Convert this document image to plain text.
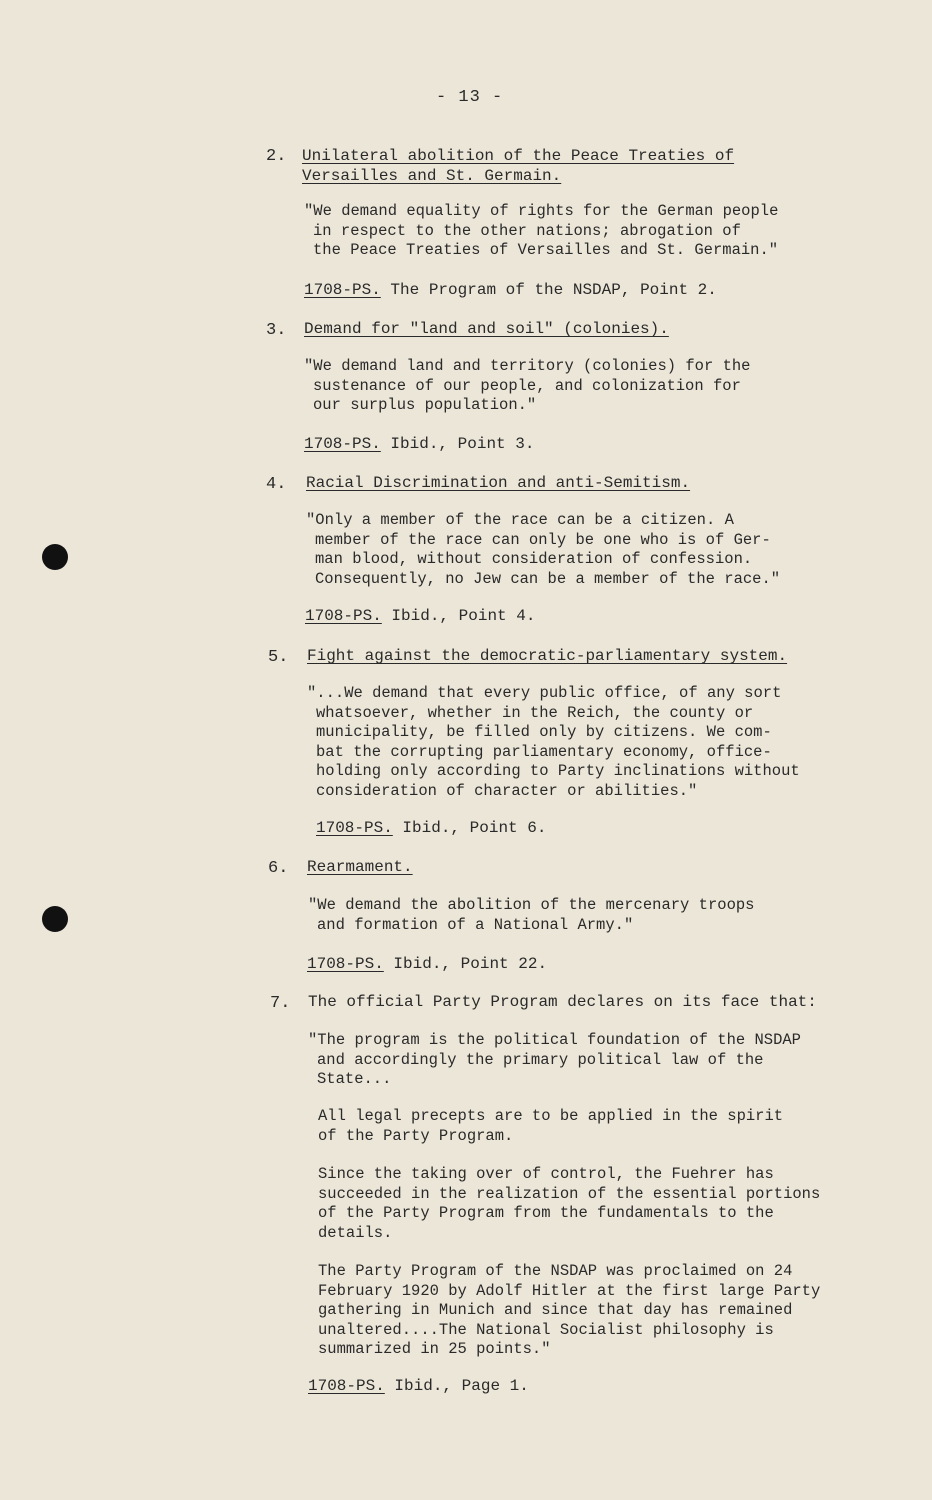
- 13 -
2. Unilateral abolition of the Peace Treaties of
Versailles and St. Germain.
"We demand equality of rights for the German people
in respect to the other nations; abrogation of
the Peace Treaties of Versailles and St. Germain."
1708-PS. The Program of the NSDAP, Point 2.
3. Demand for "land and soil" (colonies).
"We demand land and territory (colonies) for the
sustenance of our people, and colonization for
our surplus population."
1708-PS. Ibid., Point 3.
4. Racial Discrimination and anti-Semitism.
"Only a member of the race can be a citizen. A
member of the race can only be one who is of Ger-
man blood, without consideration of confession.
Consequently, no Jew can be a member of the race."
1708-PS. Ibid., Point 4.
5. Fight against the democratic-parliamentary system.
"...We demand that every public office, of any sort
whatsoever, whether in the Reich, the county or
municipality, be filled only by citizens. We com-
bat the corrupting parliamentary economy, office-
holding only according to Party inclinations without
consideration of character or abilities."
1708-PS. Ibid., Point 6.
6. Rearmament.
"We demand the abolition of the mercenary troops
and formation of a National Army."
1708-PS. Ibid., Point 22.
7. The official Party Program declares on its face that:
"The program is the political foundation of the NSDAP
and accordingly the primary political law of the
State...
All legal precepts are to be applied in the spirit
of the Party Program.
Since the taking over of control, the Fuehrer has
succeeded in the realization of the essential portions
of the Party Program from the fundamentals to the
details.
The Party Program of the NSDAP was proclaimed on 24
February 1920 by Adolf Hitler at the first large Party
gathering in Munich and since that day has remained
unaltered....The National Socialist philosophy is
summarized in 25 points."
1708-PS. Ibid., Page 1.
